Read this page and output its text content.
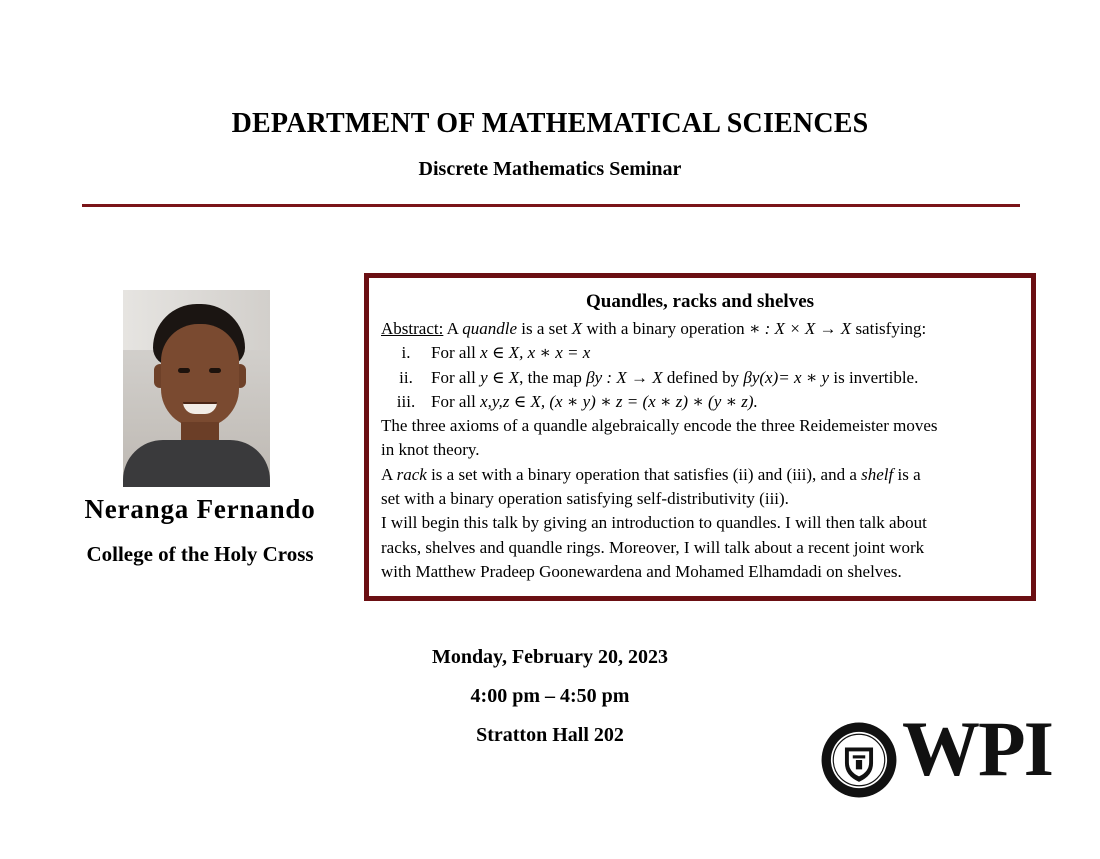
DEPARTMENT OF MATHEMATICAL SCIENCES
Discrete Mathematics Seminar
Neranga Fernando
College of the Holy Cross
Quandles, racks and shelves
Abstract: A quandle is a set X with a binary operation ∗ : X × X → X satisfying:
i. For all x ∈ X, x ∗ x = x
ii. For all y ∈ X, the map βy : X → X defined by βy(x)= x ∗ y is invertible.
iii. For all x,y,z ∈ X, (x ∗ y) ∗ z = (x ∗ z) ∗ (y ∗ z).
The three axioms of a quandle algebraically encode the three Reidemeister moves
in knot theory.
A rack is a set with a binary operation that satisfies (ii) and (iii), and a shelf is a
set with a binary operation satisfying self-distributivity (iii).
I will begin this talk by giving an introduction to quandles. I will then talk about
racks, shelves and quandle rings. Moreover, I will talk about a recent joint work
with Matthew Pradeep Goonewardena and Mohamed Elhamdadi on shelves.
Monday, February 20, 2023
4:00 pm – 4:50 pm
Stratton Hall 202	WPI
